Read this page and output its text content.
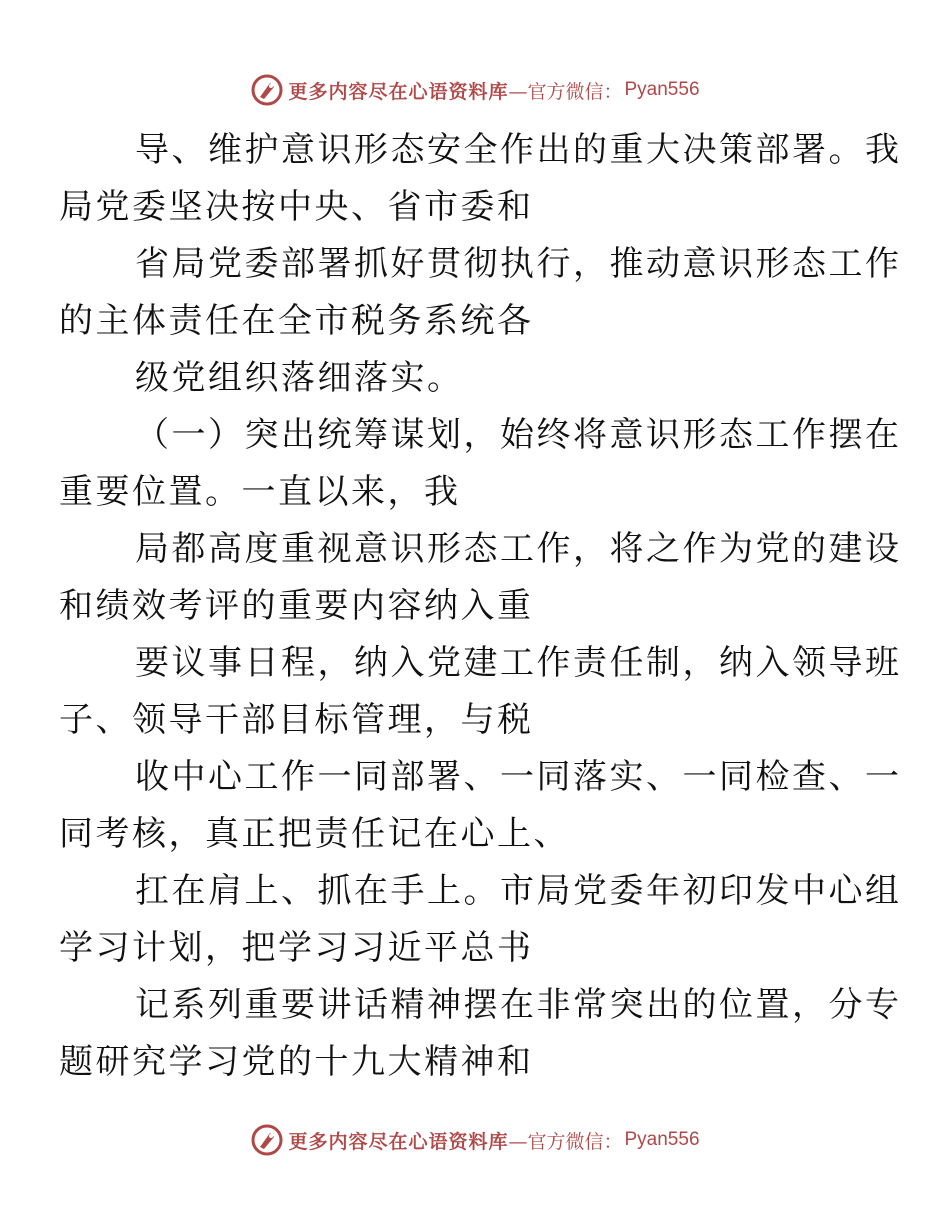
更多内容尽在心语资料库 —官方微信： Pyan556

导、维护意识形态安全作出的重大决策部署。我
局党委坚决按中央、省市委和

省局党委部署抓好贯彻执行，推动意识形态工作
的主体责任在全市税务系统各

级党组织落细落实。

（一）突出统筹谋划，始终将意识形态工作摆在
重要位置。一直以来，我

局都高度重视意识形态工作，将之作为党的建设
和绩效考评的重要内容纳入重

要议事日程，纳入党建工作责任制，纳入领导班
子、领导干部目标管理，与税

收中心工作一同部署、一同落实、一同检查、一
同考核，真正把责任记在心上、

扛在肩上、抓在手上。市局党委年初印发中心组
学习计划，把学习习近平总书

记系列重要讲话精神摆在非常突出的位置，分专
题研究学习党的十九大精神和

更多内容尽在心语资料库 —官方微信： Pyan556
